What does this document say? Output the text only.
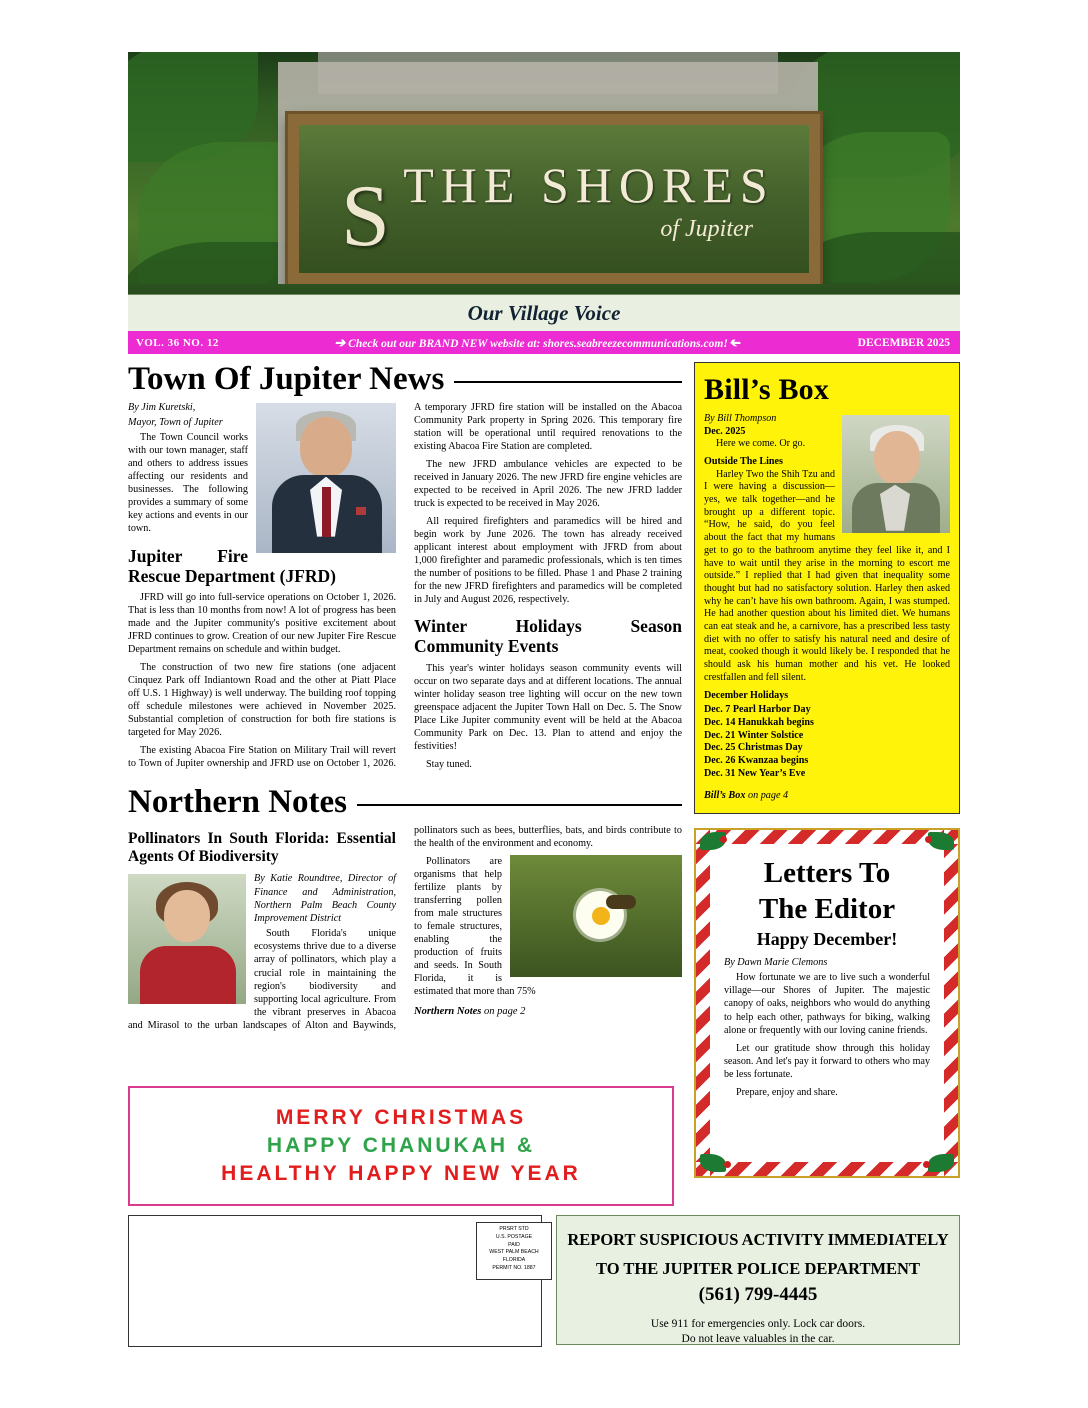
S THE SHORES
of Jupiter
Our Village Voice
VOL. 36 NO. 12	➔ Check out our BRAND NEW website at: shores.seabreezecommunications.com! ➔	DECEMBER 2025
Town Of Jupiter News
By Jim Kuretski,
Mayor, Town of Jupiter

The Town Council works with our town manager, staff and others to address issues affecting our residents and businesses. The following provides a summary of some key actions and events in our town.

Jupiter Fire Rescue Department (JFRD)

JFRD will go into full-service operations on October 1, 2026. That is less than 10 months from now! A lot of progress has been made and the Jupiter community's positive excitement about JFRD continues to grow. Creation of our new Jupiter Fire Rescue Department remains on schedule and within budget.

The construction of two new fire stations (one adjacent Cinquez Park off Indiantown Road and the other at Piatt Place off U.S. 1 Highway) is well underway. The building roof topping off schedule milestones were achieved in November 2025. Substantial completion of construction for both fire stations is targeted for May 2026.

The existing Abacoa Fire Station on Military Trail will revert to Town of Jupiter ownership and JFRD use on October 1, 2026. A temporary JFRD fire station will be installed on the Abacoa Community Park property in Spring 2026. This temporary fire station will be operational until required renovations to the existing Abacoa Fire Station are completed.

The new JFRD ambulance vehicles are expected to be received in January 2026. The new JFRD fire engine vehicles are expected to be received in April 2026. The new JFRD ladder truck is expected to be received in May 2026.

All required firefighters and paramedics will be hired and begin work by June 2026. The town has already received applicant interest about employment with JFRD from about 1,000 firefighter and paramedic professionals, which is ten times the number of positions to be filled. Phase 1 and Phase 2 training for the new JFRD firefighters and paramedics will be completed in July and August 2026, respectively.

Winter Holidays Season Community Events

This year's winter holidays season community events will occur on two separate days and at different locations. The annual winter holiday season tree lighting will occur on the new town greenspace adjacent the Jupiter Town Hall on Dec. 5. The Snow Place Like Jupiter community event will be held at the Abacoa Community Park on Dec. 13. Plan to attend and enjoy the festivities!

Stay tuned.

Northern Notes
Pollinators In South Florida: Essential Agents Of Biodiversity
By Katie Roundtree, Director of Finance and Administration, Northern Palm Beach County Improvement District

South Florida's unique ecosystems thrive due to a diverse array of pollinators, which play a crucial role in maintaining the region's biodiversity and supporting local agriculture. From the vibrant preserves in Abacoa and Mirasol to the urban landscapes of Alton and Baywinds, pollinators such as bees, butterflies, bats, and birds contribute to the health of the environment and economy.

Pollinators are organisms that help fertilize plants by transferring pollen from male structures to female structures, enabling the production of fruits and seeds. In South Florida, it is estimated that more than 75%

Northern Notes on page 2
Bill’s Box
By Bill Thompson
Dec. 2025

Here we come. Or go.

Outside The Lines

Harley Two the Shih Tzu and I were having a discussion—yes, we talk together—and he brought up a different topic. “How, he said, do you feel about the fact that my humans get to go to the bathroom anytime they feel like it, and I have to wait until they arise in the morning to escort me outside.” I replied that I had given that inequality some thought but had no satisfactory solution. Harley then asked why he can’t have his own bathroom. Again, I was stumped. He had another question about his limited diet. We humans can eat steak and he, a carnivore, has a prescribed less tasty diet with no offer to satisfy his natural need and desire of meat, cooked though it would likely be. I responded that he should ask his human mother and his vet. He looked crestfallen and fell silent.

December Holidays
Dec. 7 Pearl Harbor Day
Dec. 14 Hanukkah begins
Dec. 21 Winter Solstice
Dec. 25 Christmas Day
Dec. 26 Kwanzaa begins
Dec. 31 New Year’s Eve
Bill’s Box on page 4
Letters To
The Editor
Happy December!
By Dawn Marie Clemons

How fortunate we are to live such a wonderful village—our Shores of Jupiter. The majestic canopy of oaks, neighbors who would do anything to help each other, pathways for biking, walking alone or frequently with our loving canine friends.

Let our gratitude show through this holiday season. And let's pay it forward to others who may be less fortunate.

Prepare, enjoy and share.

MERRY CHRISTMAS
HAPPY CHANUKAH &
HEALTHY HAPPY NEW YEAR
PRSRT STD
U.S. POSTAGE
PAID
WEST PALM BEACH
FLORIDA
PERMIT NO. 1887
REPORT SUSPICIOUS ACTIVITY IMMEDIATELY
TO THE JUPITER POLICE DEPARTMENT
(561) 799-4445
Use 911 for emergencies only. Lock car doors.
Do not leave valuables in the car.
